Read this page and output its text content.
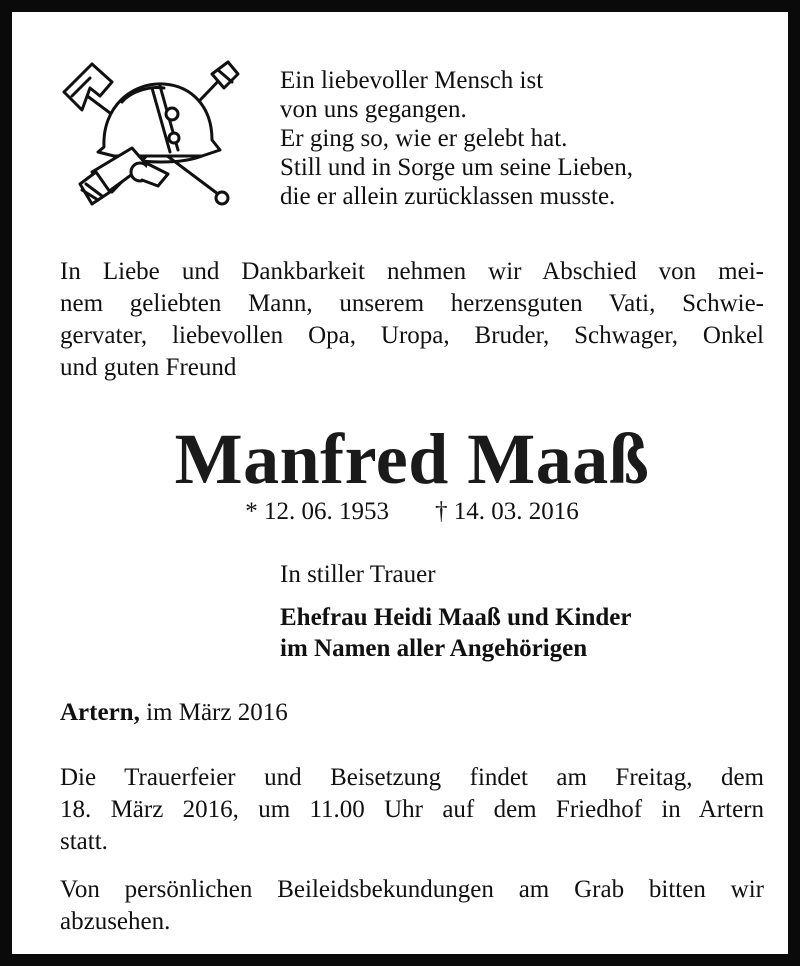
Ein liebevoller Mensch ist
von uns gegangen.
Er ging so, wie er gelebt hat.
Still und in Sorge um seine Lieben,
die er allein zurücklassen musste.
In Liebe und Dankbarkeit nehmen wir Abschied von mei-
nem geliebten Mann, unserem herzensguten Vati, Schwie-
gervater, liebevollen Opa, Uropa, Bruder, Schwager, Onkel
und guten Freund
Manfred Maaß
* 12. 06. 1953 † 14. 03. 2016
In stiller Trauer
Ehefrau Heidi Maaß und Kinder
im Namen aller Angehörigen
Artern, im März 2016
Die Trauerfeier und Beisetzung findet am Freitag, dem
18. März 2016, um 11.00 Uhr auf dem Friedhof in Artern
statt.
Von persönlichen Beileidsbekundungen am Grab bitten wir
abzusehen.
